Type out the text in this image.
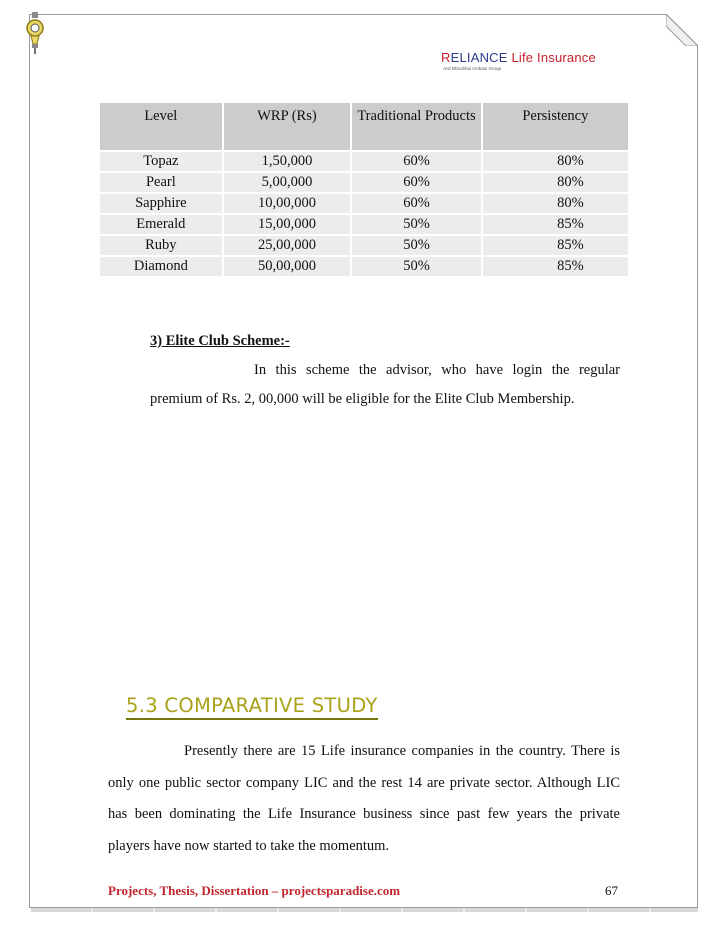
RELIANCE Life Insurance
Anil Dhirubhai Ambani Group
Level	WRP (Rs)	Traditional Products	Persistency
Topaz	1,50,000	60%	80%
Pearl	5,00,000	60%	80%
Sapphire	10,00,000	60%	80%
Emerald	15,00,000	50%	85%
Ruby	25,00,000	50%	85%
Diamond	50,00,000	50%	85%
3) Elite Club Scheme:-
In this scheme the advisor, who have login the regular premium of Rs. 2, 00,000 will be eligible for the Elite Club Membership.
5.3 COMPARATIVE STUDY
Presently there are 15 Life insurance companies in the country. There is only one public sector company LIC and the rest 14 are private sector. Although LIC has been dominating the Life Insurance business since past few years the private players have now started to take the momentum.
Projects, Thesis, Dissertation – projectsparadise.com	67
